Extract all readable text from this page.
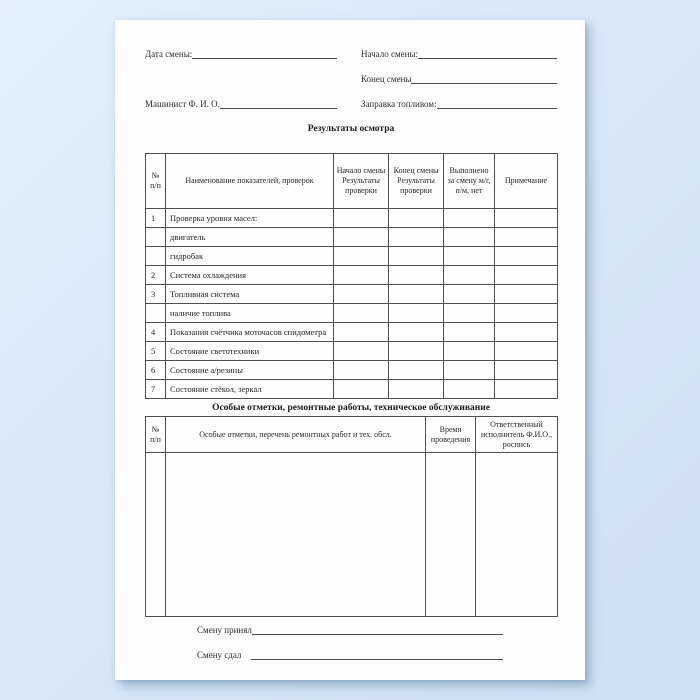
Дата смены:	Начало смены:
Конец смены
Машинист Ф. И. О.	Заправка топливом:
Результаты осмотра
№ п/п	Наименование показателей, проверок	Начало смены Результаты проверки	Конец смены Результаты проверки	Выполнено за смену м/г, п/м, нет	Примечание
1	Проверка уровня масел:				
	двигатель				
	гидробак				
2	Система охлаждения				
3	Топливная система				
	наличие топлива				
4	Показания счётчика моточасов спидометра				
5	Состояние светотехники				
6	Состояние а/резины				
7	Состояние стёкол, зеркал				
Особые отметки, ремонтные работы, техническое обслуживание
№ п/п	Особые отметки, перечень ремонтных работ и тех. обсл.	Время проведения	Ответственный исполнитель Ф.И.О., роспись

Смену принял
Смену сдал
